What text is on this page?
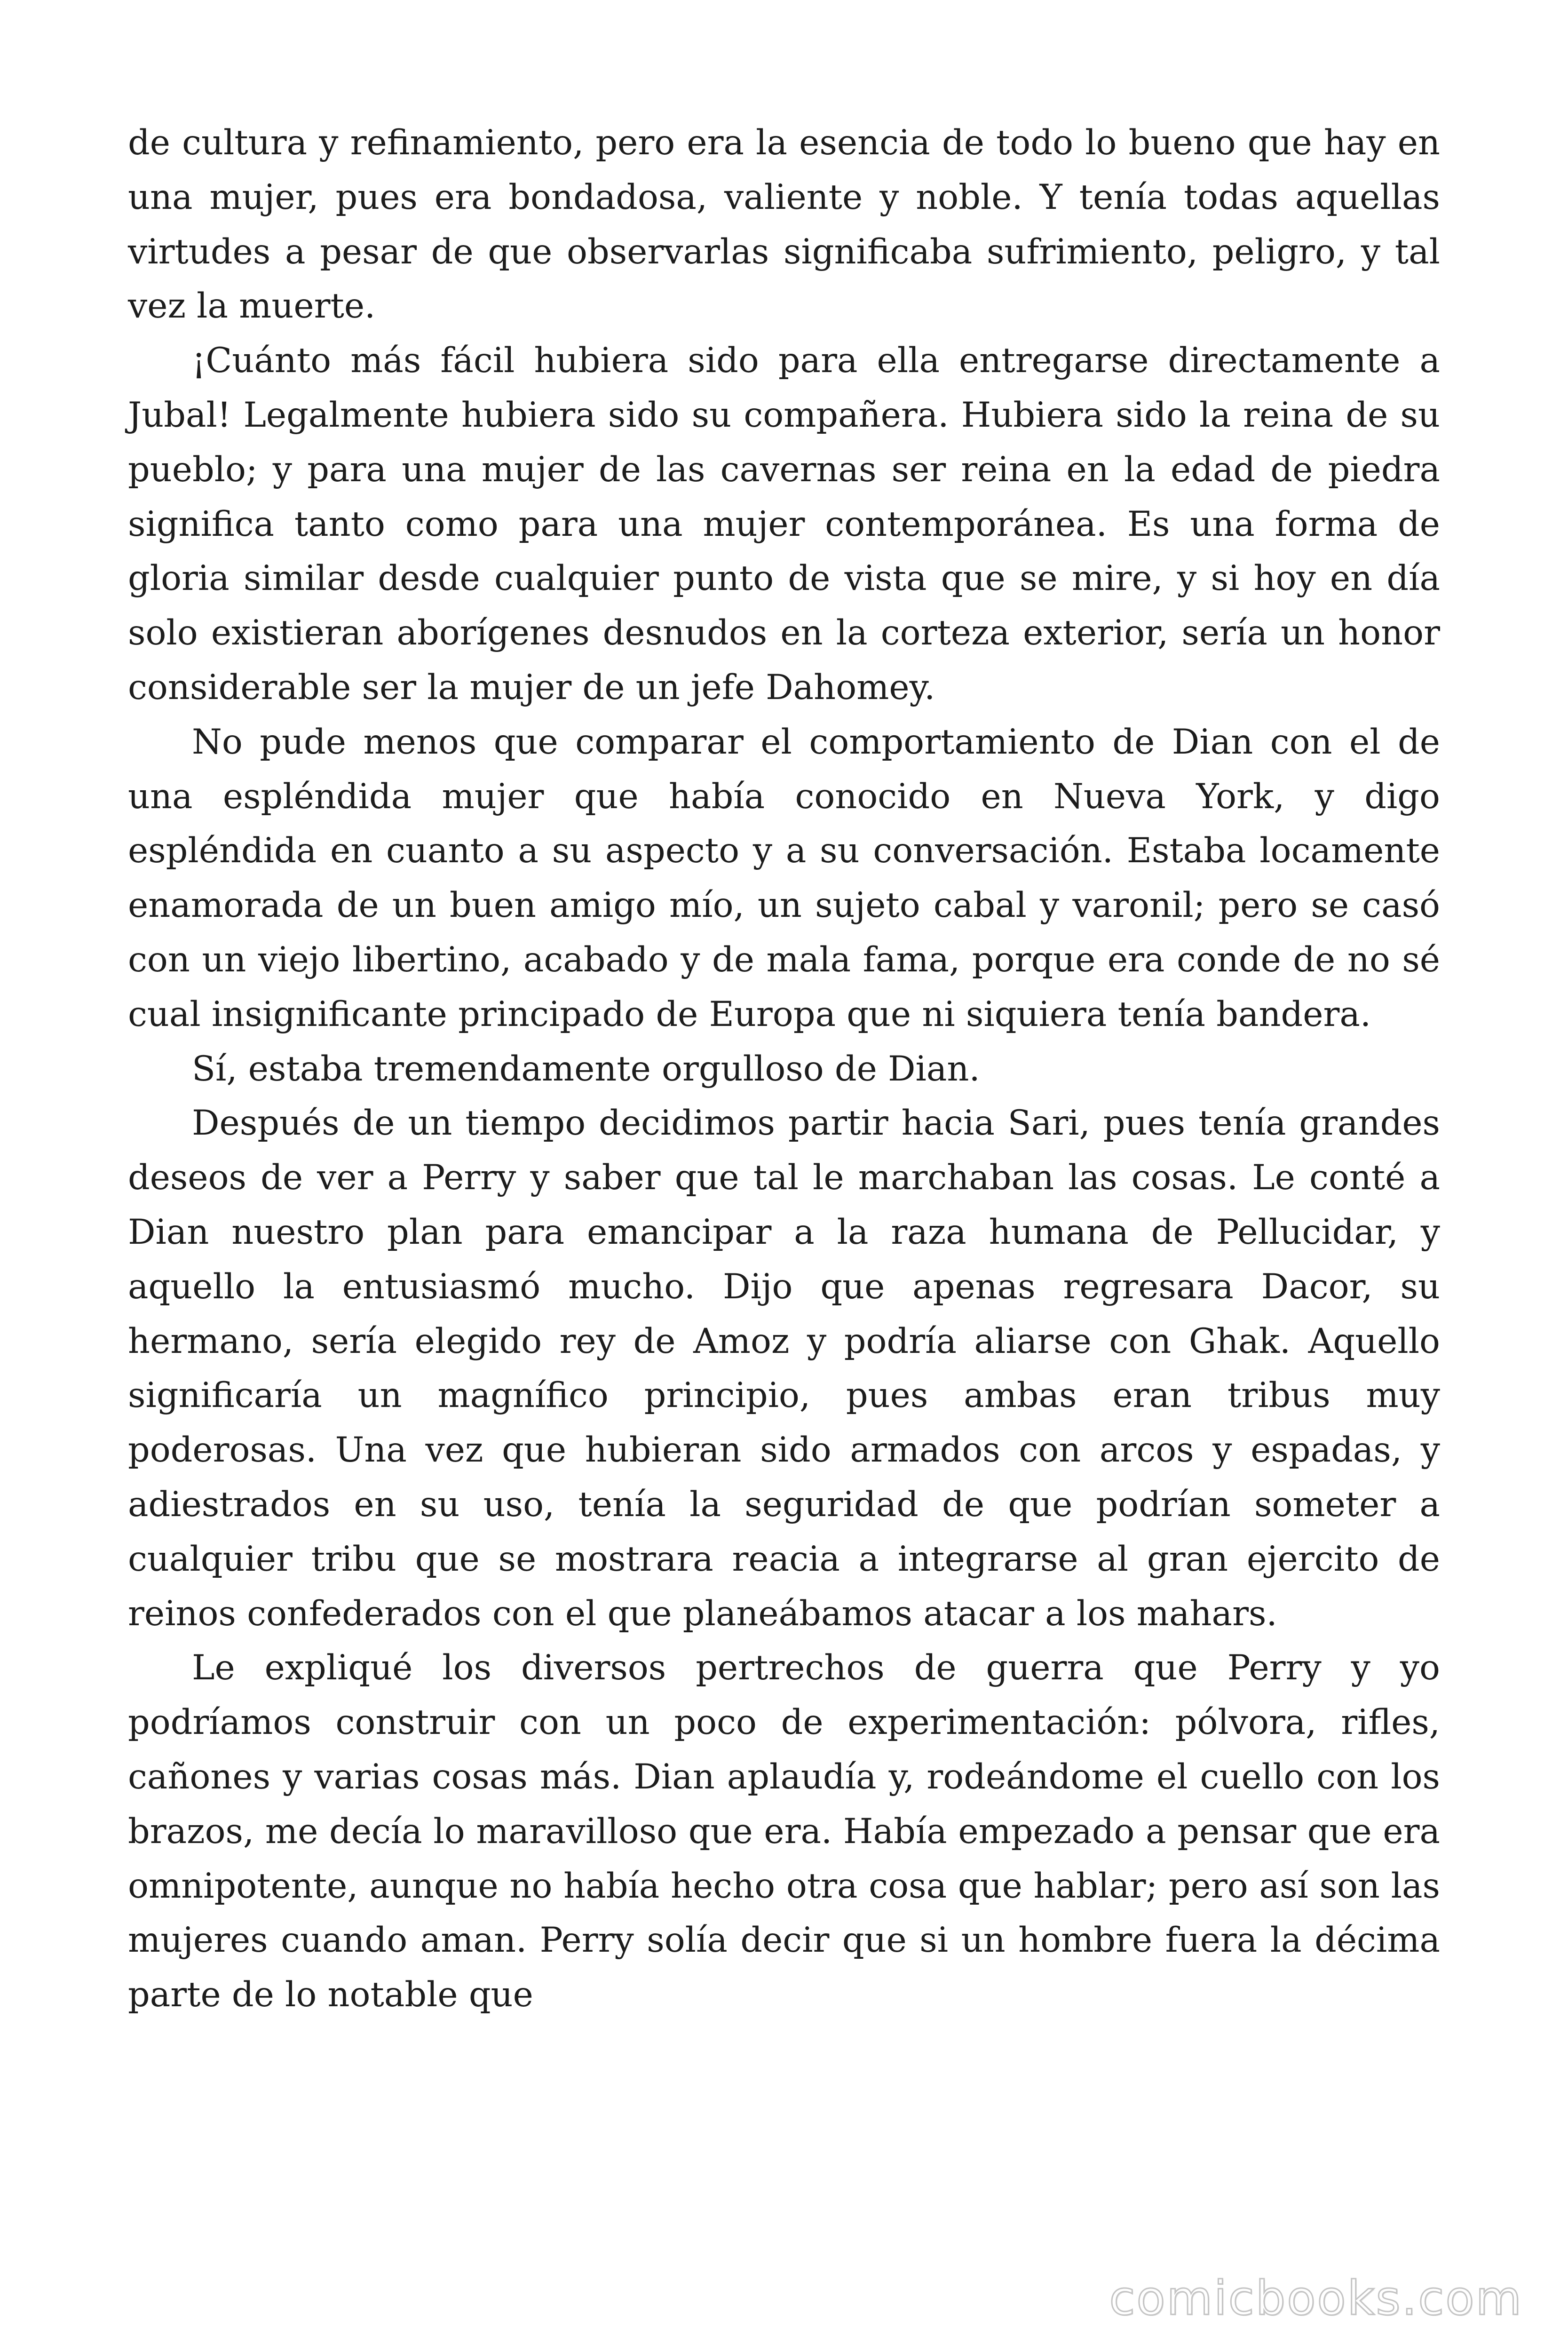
de cultura y refinamiento, pero era la esencia de todo lo bueno que hay en una mujer, pues era bondadosa, valiente y noble. Y tenía todas aquellas virtudes a pesar de que observarlas significaba sufrimiento, peligro, y tal vez la muerte.

¡Cuánto más fácil hubiera sido para ella entregarse directamente a Jubal! Legalmente hubiera sido su compañera. Hubiera sido la reina de su pueblo; y para una mujer de las cavernas ser reina en la edad de piedra significa tanto como para una mujer contemporánea. Es una forma de gloria similar desde cualquier punto de vista que se mire, y si hoy en día solo existieran aborígenes desnudos en la corteza exterior, sería un honor considerable ser la mujer de un jefe Dahomey.

No pude menos que comparar el comportamiento de Dian con el de una espléndida mujer que había conocido en Nueva York, y digo espléndida en cuanto a su aspecto y a su conversación. Estaba locamente enamorada de un buen amigo mío, un sujeto cabal y varonil; pero se casó con un viejo libertino, acabado y de mala fama, porque era conde de no sé cual insignificante principado de Europa que ni siquiera tenía bandera.

Sí, estaba tremendamente orgulloso de Dian.

Después de un tiempo decidimos partir hacia Sari, pues tenía grandes deseos de ver a Perry y saber que tal le marchaban las cosas. Le conté a Dian nuestro plan para emancipar a la raza humana de Pellucidar, y aquello la entusiasmó mucho. Dijo que apenas regresara Dacor, su hermano, sería elegido rey de Amoz y podría aliarse con Ghak. Aquello significaría un magnífico principio, pues ambas eran tribus muy poderosas. Una vez que hubieran sido armados con arcos y espadas, y adiestrados en su uso, tenía la seguridad de que podrían someter a cualquier tribu que se mostrara reacia a integrarse al gran ejercito de reinos confederados con el que planeábamos atacar a los mahars.

Le expliqué los diversos pertrechos de guerra que Perry y yo podríamos construir con un poco de experimentación: pólvora, rifles, cañones y varias cosas más. Dian aplaudía y, rodeándome el cuello con los brazos, me decía lo maravilloso que era. Había empezado a pensar que era omnipotente, aunque no había hecho otra cosa que hablar; pero así son las mujeres cuando aman. Perry solía decir que si un hombre fuera la décima parte de lo notable que

comicbooks.com
